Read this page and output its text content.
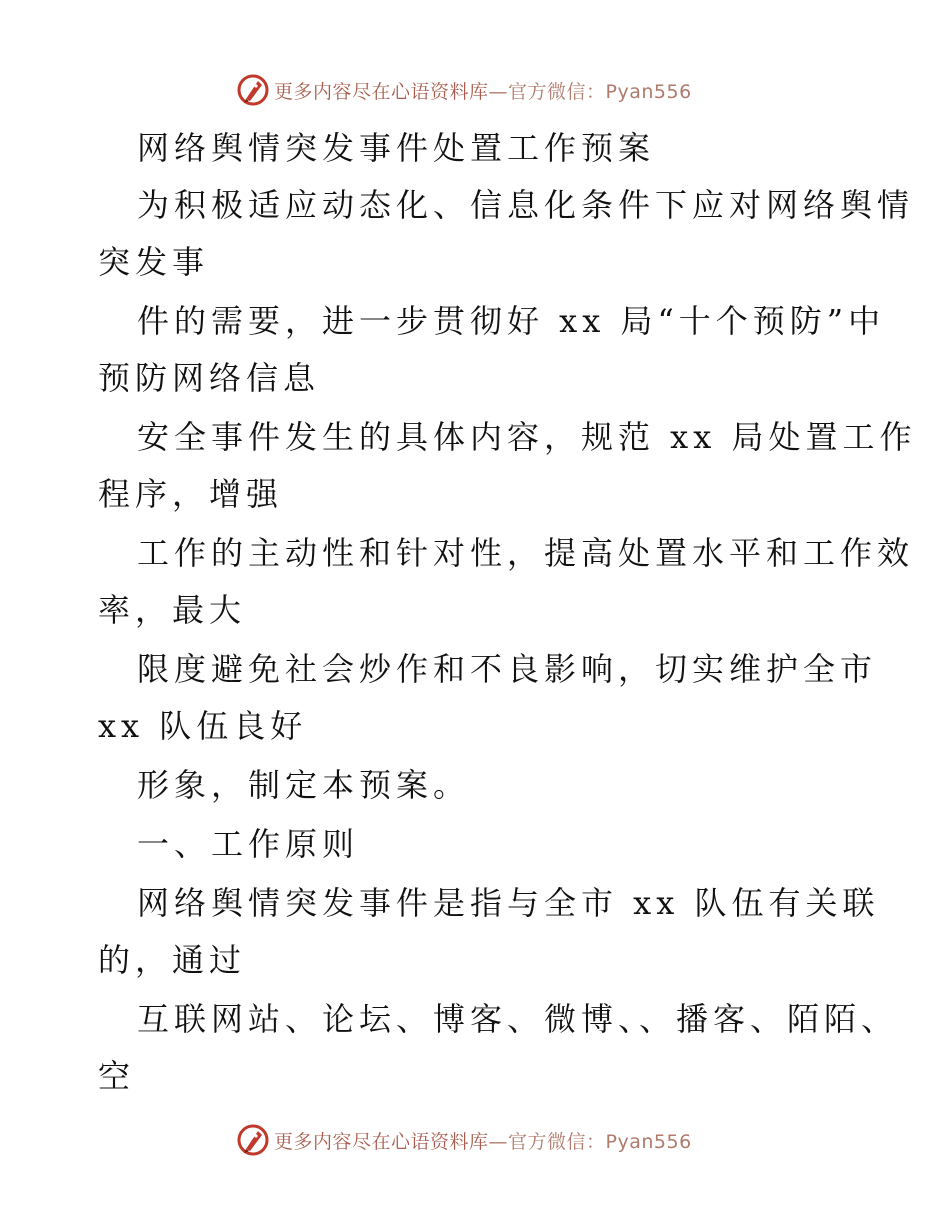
更多内容尽在心语资料库—官方微信：Pyan556
网络舆情突发事件处置工作预案
为积极适应动态化、信息化条件下应对网络舆情
突发事
件的需要，进一步贯彻好 xx 局“十个预防”中
预防网络信息
安全事件发生的具体内容，规范 xx 局处置工作
程序，增强
工作的主动性和针对性，提高处置水平和工作效
率，最大
限度避免社会炒作和不良影响，切实维护全市
xx 队伍良好
形象，制定本预案。
一、工作原则
网络舆情突发事件是指与全市 xx 队伍有关联
的，通过
互联网站、论坛、博客、微博、、播客、陌陌、
空
更多内容尽在心语资料库—官方微信：Pyan556
